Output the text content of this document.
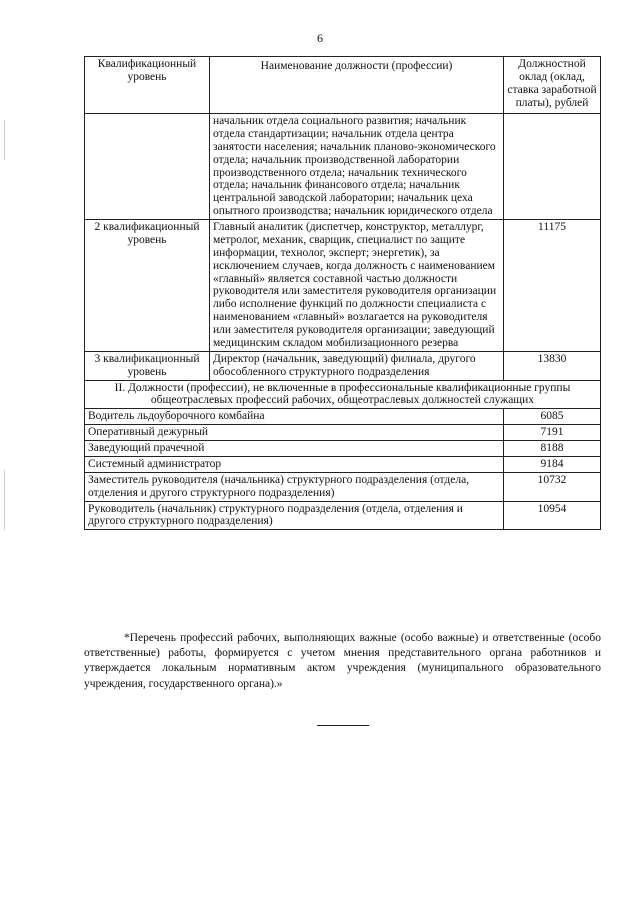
6
Квалификационный уровень	Наименование должности (профессии)	Должностной оклад (оклад, ставка заработной платы), рублей
	начальник отдела социального развития; начальник отдела стандартизации; начальник отдела центра занятости населения; начальник планово-экономического отдела; начальник производственной лаборатории производственного отдела; начальник технического отдела; начальник финансового отдела; начальник центральной заводской лаборатории; начальник цеха опытного производства; начальник юридического отдела	
2 квалификационный уровень	Главный аналитик (диспетчер, конструктор, металлург, метролог, механик, сварщик, специалист по защите информации, технолог, эксперт; энергетик), за исключением случаев, когда должность с наименованием «главный» является составной частью должности руководителя или заместителя руководителя организации либо исполнение функций по должности специалиста с наименованием «главный» возлагается на руководителя или заместителя руководителя организации; заведующий медицинским складом мобилизационного резерва	11175
3 квалификационный уровень	Директор (начальник, заведующий) филиала, другого обособленного структурного подразделения	13830
II. Должности (профессии), не включенные в профессиональные квалификационные группы общеотраслевых профессий рабочих, общеотраслевых должностей служащих		
Водитель льдоуборочного комбайна		6085
Оперативный дежурный		7191
Заведующий прачечной		8188
Системный администратор		9184
Заместитель руководителя (начальника) структурного подразделения (отдела, отделения и другого структурного подразделения)		10732
Руководитель (начальник) структурного подразделения (отдела, отделения и другого структурного подразделения)		10954

*Перечень профессий рабочих, выполняющих важные (особо важные) и ответственные (особо ответственные) работы, формируется с учетом мнения представительного органа работников и утверждается локальным нормативным актом учреждения (муниципального образовательного учреждения, государственного органа).»
